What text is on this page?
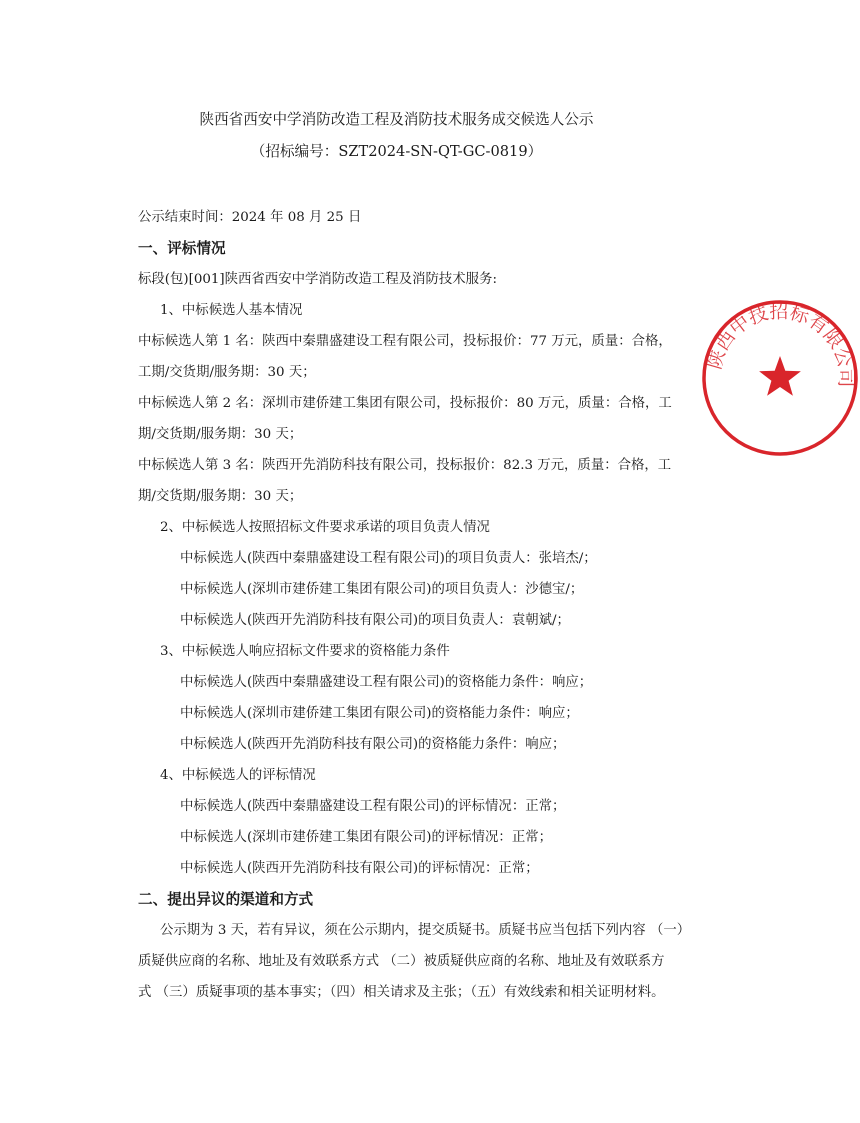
陕西省西安中学消防改造工程及消防技术服务成交候选人公示
（招标编号：SZT2024-SN-QT-GC-0819）
公示结束时间：2024 年 08 月 25 日
一、评标情况
标段(包)[001]陕西省西安中学消防改造工程及消防技术服务:
1、中标候选人基本情况
中标候选人第 1 名：陕西中秦鼎盛建设工程有限公司，投标报价：77 万元，质量：合格，
工期/交货期/服务期：30 天；
中标候选人第 2 名：深圳市建侨建工集团有限公司，投标报价：80 万元，质量：合格，工
期/交货期/服务期：30 天；
中标候选人第 3 名：陕西开先消防科技有限公司，投标报价：82.3 万元，质量：合格，工
期/交货期/服务期：30 天；
2、中标候选人按照招标文件要求承诺的项目负责人情况
中标候选人(陕西中秦鼎盛建设工程有限公司)的项目负责人：张培杰/；
中标候选人(深圳市建侨建工集团有限公司)的项目负责人：沙德宝/；
中标候选人(陕西开先消防科技有限公司)的项目负责人：袁朝斌/；
3、中标候选人响应招标文件要求的资格能力条件
中标候选人(陕西中秦鼎盛建设工程有限公司)的资格能力条件：响应；
中标候选人(深圳市建侨建工集团有限公司)的资格能力条件：响应；
中标候选人(陕西开先消防科技有限公司)的资格能力条件：响应；
4、中标候选人的评标情况
中标候选人(陕西中秦鼎盛建设工程有限公司)的评标情况：正常；
中标候选人(深圳市建侨建工集团有限公司)的评标情况：正常；
中标候选人(陕西开先消防科技有限公司)的评标情况：正常；
二、提出异议的渠道和方式
公示期为 3 天，若有异议，须在公示期内，提交质疑书。质疑书应当包括下列内容 （一）
质疑供应商的名称、地址及有效联系方式 （二）被质疑供应商的名称、地址及有效联系方
式 （三）质疑事项的基本事实；（四）相关请求及主张；（五）有效线索和相关证明材料。
陕西中技招标有限公司
